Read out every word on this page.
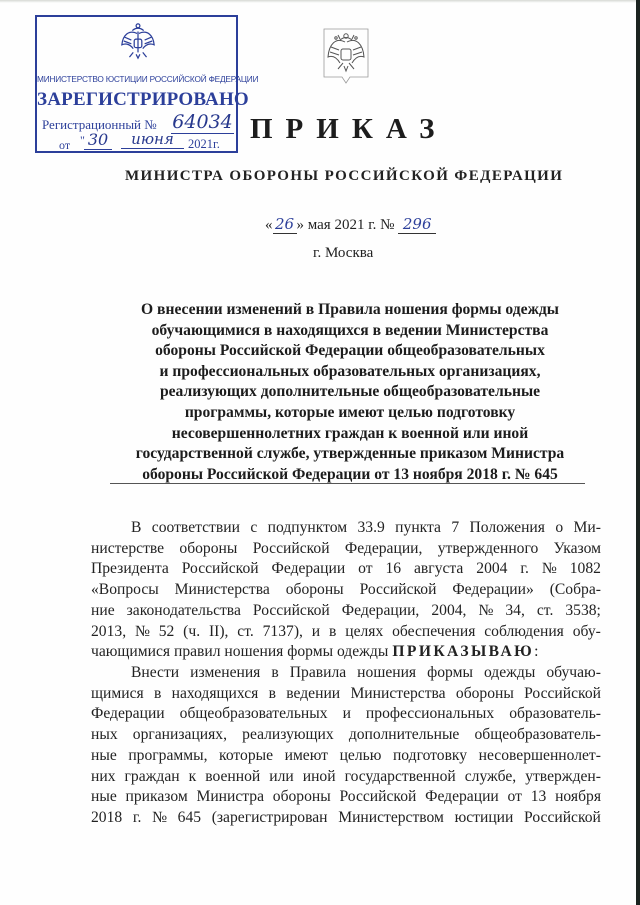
МИНИСТЕРСТВО ЮСТИЦИИ РОССИЙСКОЙ ФЕДЕРАЦИИ
ЗАРЕГИСТРИРОВАНО
Регистрационный № 64034
от " 30	июня	2021г. ПРИКАЗ
МИНИСТРА ОБОРОНЫ РОССИЙСКОЙ ФЕДЕРАЦИИ
« 26 » мая 2021 г. № 296
г. Москва
О внесении изменений в Правила ношения формы одежды
обучающимися в находящихся в ведении Министерства
обороны Российской Федерации общеобразовательных
и профессиональных образовательных организациях,
реализующих дополнительные общеобразовательные
программы, которые имеют целью подготовку
несовершеннолетних граждан к военной или иной
государственной службе, утвержденные приказом Министра
обороны Российской Федерации от 13 ноября 2018 г. № 645
В соответствии с подпунктом 33.9 пункта 7 Положения о Ми-
нистерстве обороны Российской Федерации, утвержденного Указом
Президента Российской Федерации от 16 августа 2004 г. № 1082
«Вопросы Министерства обороны Российской Федерации» (Собра-
ние законодательства Российской Федерации, 2004, № 34, ст. 3538;
2013, № 52 (ч. II), ст. 7137), и в целях обеспечения соблюдения обу-
чающимися правил ношения формы одежды ПРИКАЗЫВАЮ :
Внести изменения в Правила ношения формы одежды обучаю-
щимися в находящихся в ведении Министерства обороны Российской
Федерации общеобразовательных и профессиональных образователь-
ных организациях, реализующих дополнительные общеобразователь-
ные программы, которые имеют целью подготовку несовершеннолет-
них граждан к военной или иной государственной службе, утвержден-
ные приказом Министра обороны Российской Федерации от 13 ноября
2018 г. № 645 (зарегистрирован Министерством юстиции Российской
